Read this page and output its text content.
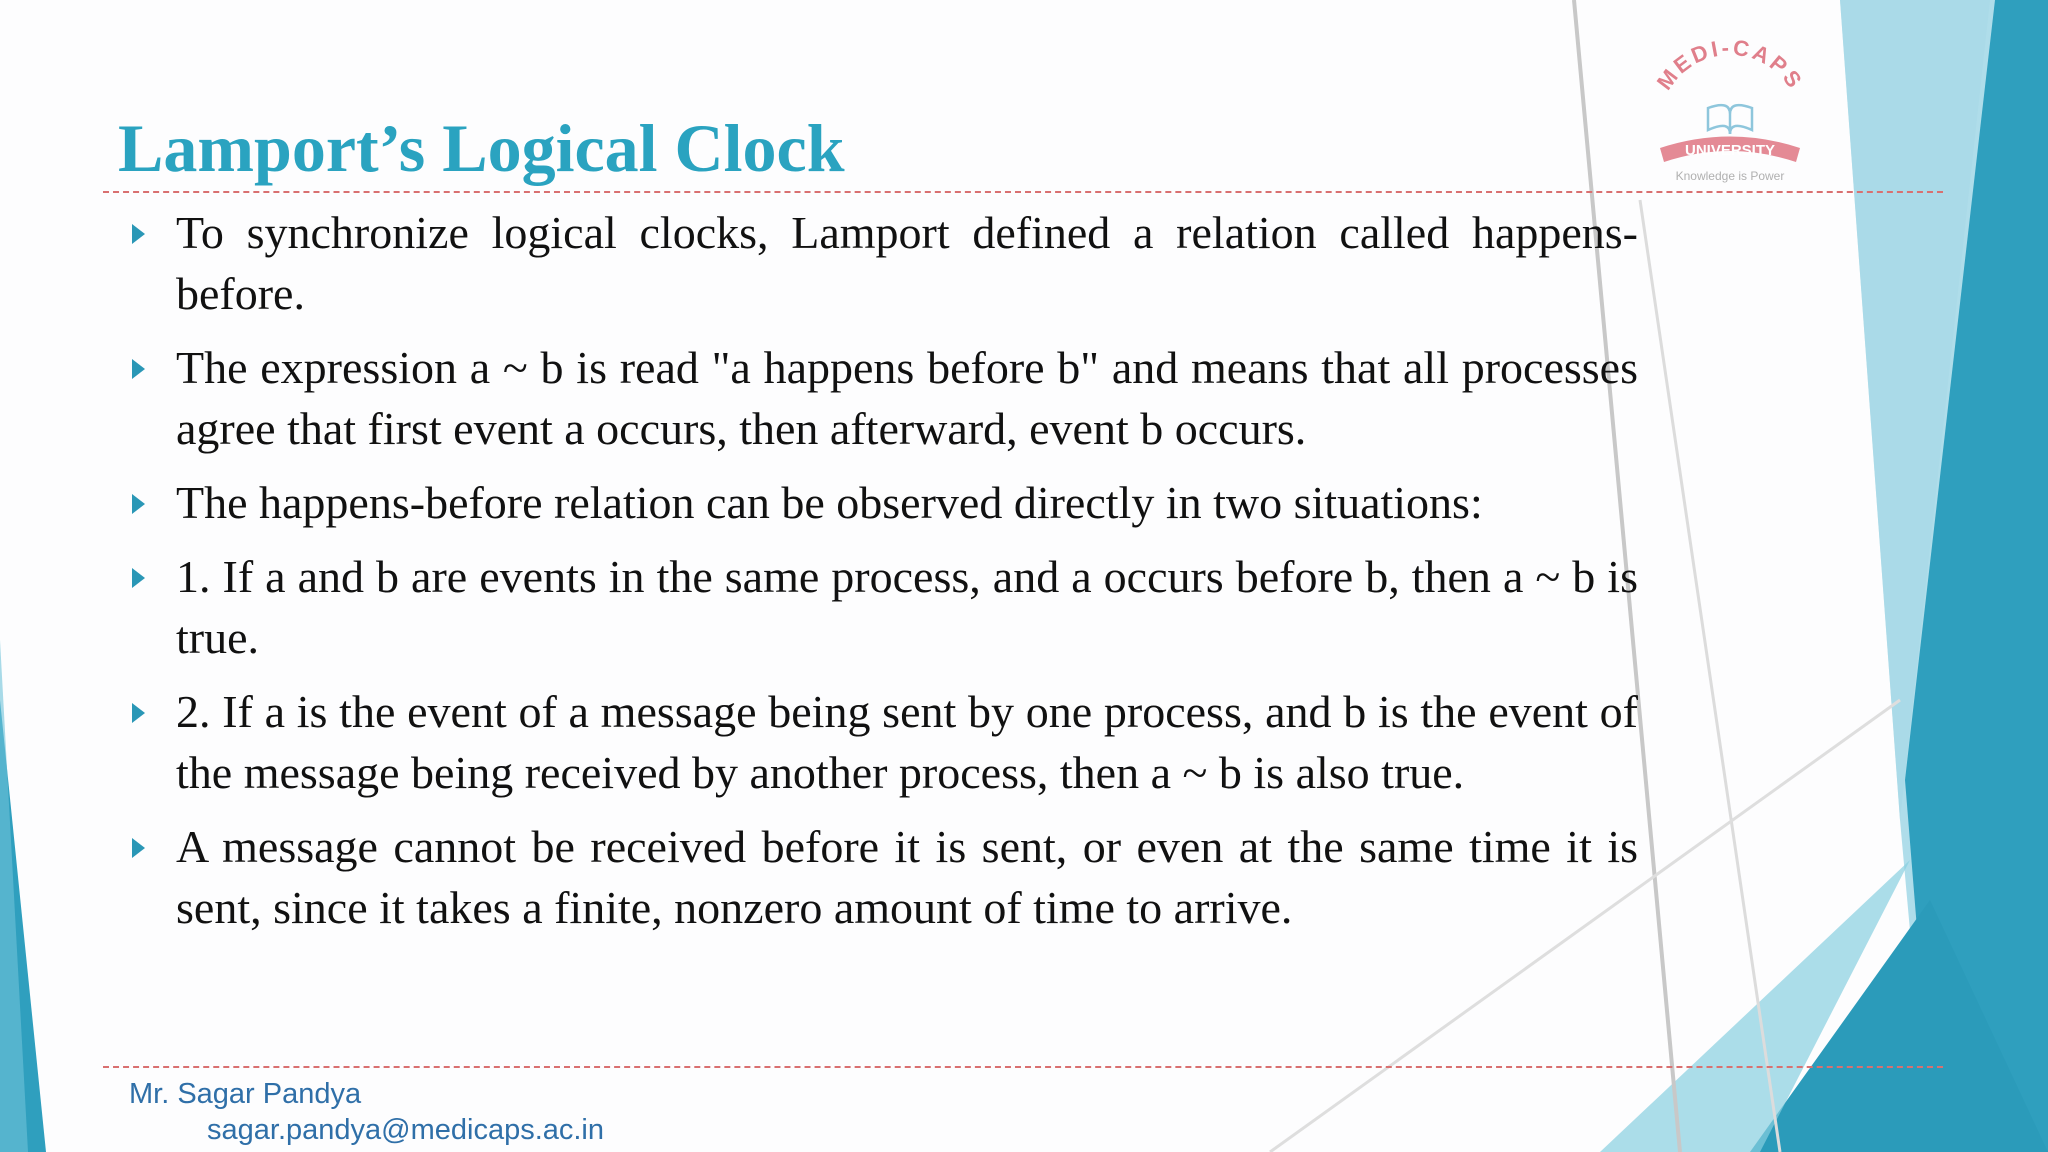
MEDI-CAPS
UNIVERSITY
Knowledge is Power
Lamport’s Logical Clock
To synchronize logical clocks, Lamport defined a relation called happens-before.
The expression a ~ b is read "a happens before b" and means that all processes agree that first event a occurs, then afterward, event b occurs.
The happens-before relation can be observed directly in two situations:
1. If a and b are events in the same process, and a occurs before b, then a ~ b is true.
2. If a is the event of a message being sent by one process, and b is the event of the message being received by another process, then a ~ b is also true.
A message cannot be received before it is sent, or even at the same time it is sent, since it takes a finite, nonzero amount of time to arrive.
Mr. Sagar Pandya
sagar.pandya@medicaps.ac.in
